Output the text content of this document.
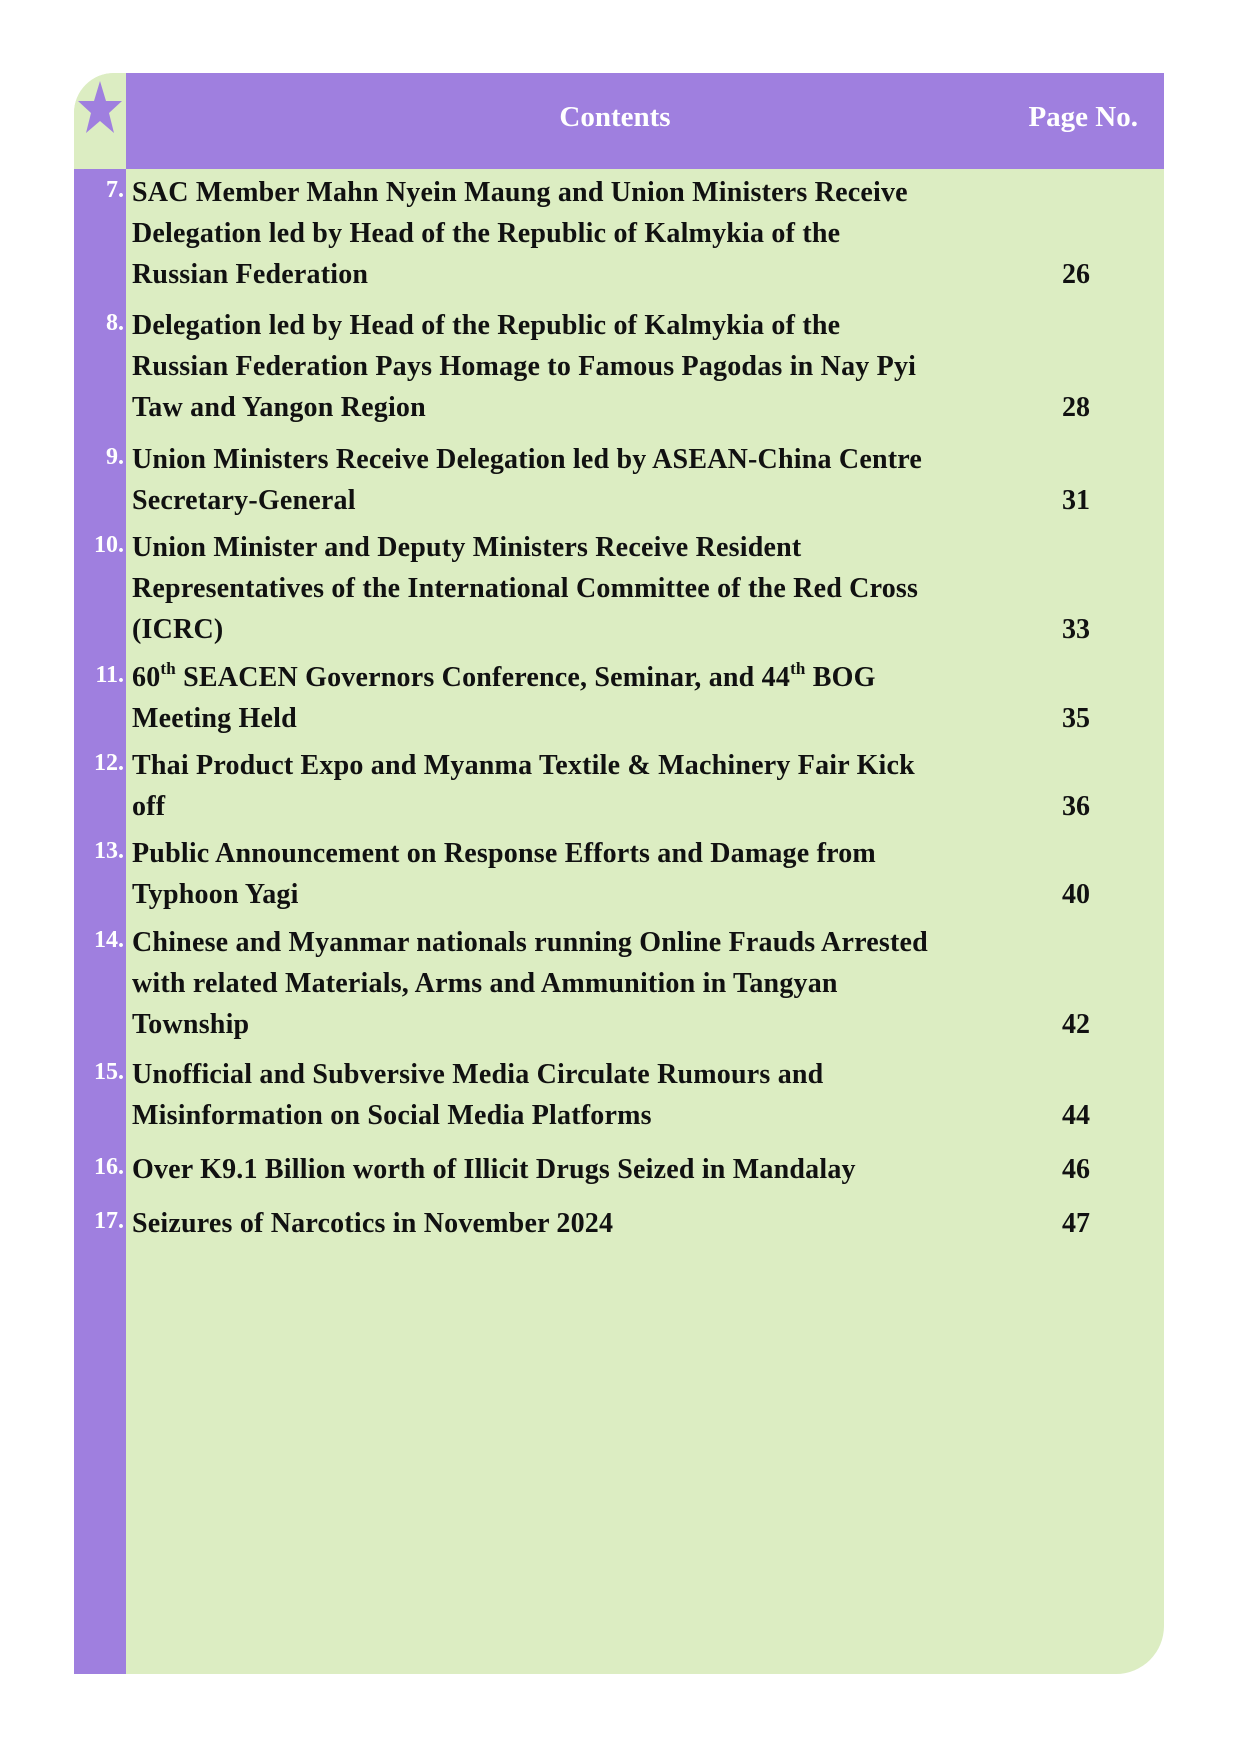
Contents	Page No.
7. SAC Member Mahn Nyein Maung and Union Ministers Receive
Delegation led by Head of the Republic of Kalmykia of the
Russian Federation	26
8. Delegation led by Head of the Republic of Kalmykia of the
Russian Federation Pays Homage to Famous Pagodas in Nay Pyi
Taw and Yangon Region	28
9. Union Ministers Receive Delegation led by ASEAN-China Centre
Secretary-General	31
10. Union Minister and Deputy Ministers Receive Resident
Representatives of the International Committee of the Red Cross
(ICRC)	33
11. 60th SEACEN Governors Conference, Seminar, and 44th BOG
Meeting Held	35
12. Thai Product Expo and Myanma Textile & Machinery Fair Kick
off	36
13. Public Announcement on Response Efforts and Damage from
Typhoon Yagi	40
14. Chinese and Myanmar nationals running Online Frauds Arrested
with related Materials, Arms and Ammunition in Tangyan
Township	42
15. Unofficial and Subversive Media Circulate Rumours and
Misinformation on Social Media Platforms	44
16. Over K9.1 Billion worth of Illicit Drugs Seized in Mandalay	46
17. Seizures of Narcotics in November 2024	47
